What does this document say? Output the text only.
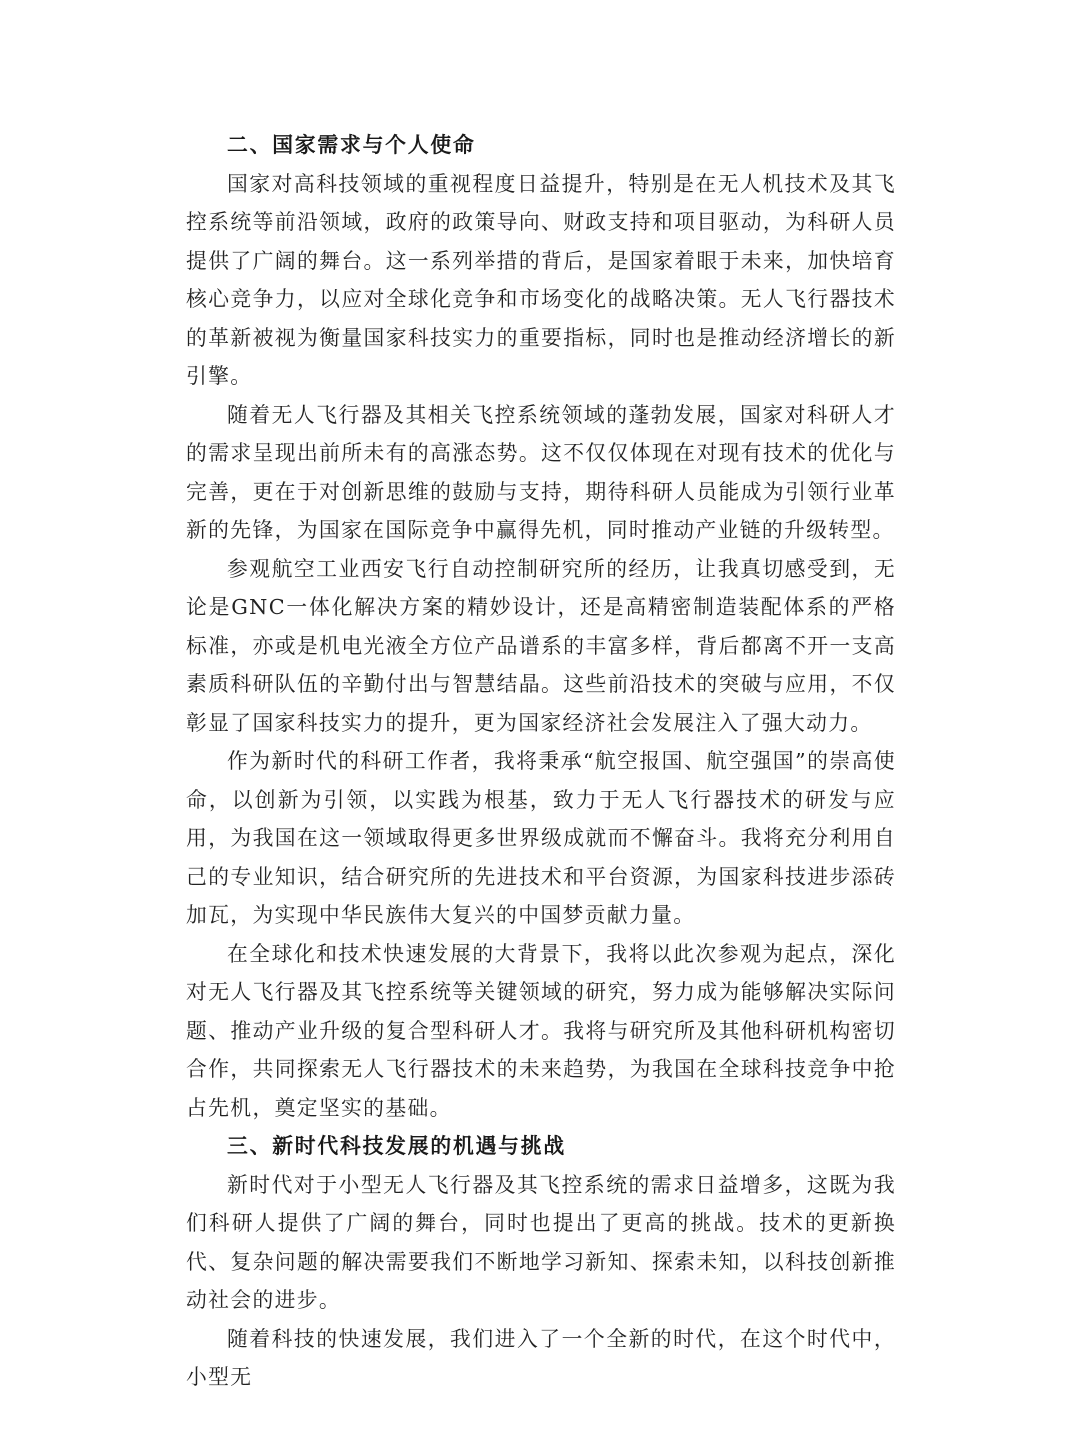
二、国家需求与个人使命

国家对高科技领域的重视程度日益提升，特别是在无人机技术及其飞控系统等前沿领域，政府的政策导向、财政支持和项目驱动，为科研人员提供了广阔的舞台。这一系列举措的背后，是国家着眼于未来，加快培育核心竞争力，以应对全球化竞争和市场变化的战略决策。无人飞行器技术的革新被视为衡量国家科技实力的重要指标，同时也是推动经济增长的新引擎。

随着无人飞行器及其相关飞控系统领域的蓬勃发展，国家对科研人才的需求呈现出前所未有的高涨态势。这不仅仅体现在对现有技术的优化与完善，更在于对创新思维的鼓励与支持，期待科研人员能成为引领行业革新的先锋，为国家在国际竞争中赢得先机，同时推动产业链的升级转型。

参观航空工业西安飞行自动控制研究所的经历，让我真切感受到，无论是GNC一体化解决方案的精妙设计，还是高精密制造装配体系的严格标准，亦或是机电光液全方位产品谱系的丰富多样，背后都离不开一支高素质科研队伍的辛勤付出与智慧结晶。这些前沿技术的突破与应用，不仅彰显了国家科技实力的提升，更为国家经济社会发展注入了强大动力。

作为新时代的科研工作者，我将秉承“航空报国、航空强国”的崇高使命，以创新为引领，以实践为根基，致力于无人飞行器技术的研发与应用，为我国在这一领域取得更多世界级成就而不懈奋斗。我将充分利用自己的专业知识，结合研究所的先进技术和平台资源，为国家科技进步添砖加瓦，为实现中华民族伟大复兴的中国梦贡献力量。

在全球化和技术快速发展的大背景下，我将以此次参观为起点，深化对无人飞行器及其飞控系统等关键领域的研究，努力成为能够解决实际问题、推动产业升级的复合型科研人才。我将与研究所及其他科研机构密切合作，共同探索无人飞行器技术的未来趋势，为我国在全球科技竞争中抢占先机，奠定坚实的基础。

三、新时代科技发展的机遇与挑战

新时代对于小型无人飞行器及其飞控系统的需求日益增多，这既为我们科研人提供了广阔的舞台，同时也提出了更高的挑战。技术的更新换代、复杂问题的解决需要我们不断地学习新知、探索未知，以科技创新推动社会的进步。

随着科技的快速发展，我们进入了一个全新的时代，在这个时代中，小型无
